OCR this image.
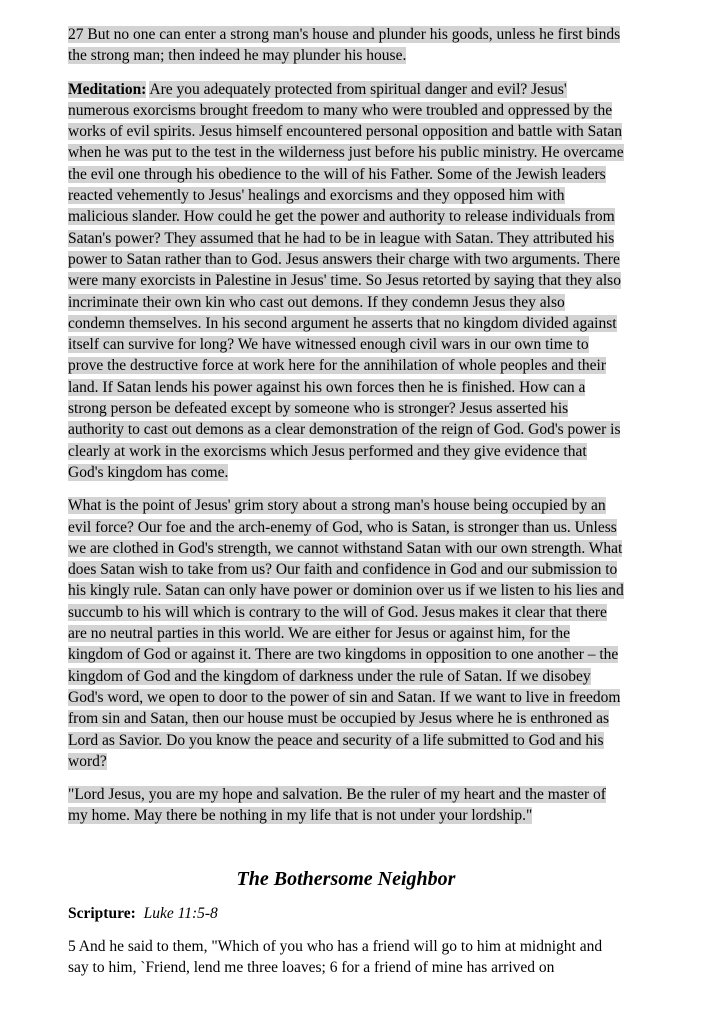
27 But no one can enter a strong man's house and plunder his goods, unless he first binds the strong man; then indeed he may plunder his house.

Meditation: Are you adequately protected from spiritual danger and evil? Jesus' numerous exorcisms brought freedom to many who were troubled and oppressed by the works of evil spirits. Jesus himself encountered personal opposition and battle with Satan when he was put to the test in the wilderness just before his public ministry. He overcame the evil one through his obedience to the will of his Father. Some of the Jewish leaders reacted vehemently to Jesus' healings and exorcisms and they opposed him with malicious slander. How could he get the power and authority to release individuals from Satan's power? They assumed that he had to be in league with Satan. They attributed his power to Satan rather than to God. Jesus answers their charge with two arguments. There were many exorcists in Palestine in Jesus' time. So Jesus retorted by saying that they also incriminate their own kin who cast out demons. If they condemn Jesus they also condemn themselves. In his second argument he asserts that no kingdom divided against itself can survive for long? We have witnessed enough civil wars in our own time to prove the destructive force at work here for the annihilation of whole peoples and their land. If Satan lends his power against his own forces then he is finished. How can a strong person be defeated except by someone who is stronger? Jesus asserted his authority to cast out demons as a clear demonstration of the reign of God. God's power is clearly at work in the exorcisms which Jesus performed and they give evidence that God's kingdom has come.

What is the point of Jesus' grim story about a strong man's house being occupied by an evil force? Our foe and the arch-enemy of God, who is Satan, is stronger than us. Unless we are clothed in God's strength, we cannot withstand Satan with our own strength. What does Satan wish to take from us? Our faith and confidence in God and our submission to his kingly rule. Satan can only have power or dominion over us if we listen to his lies and succumb to his will which is contrary to the will of God. Jesus makes it clear that there are no neutral parties in this world. We are either for Jesus or against him, for the kingdom of God or against it. There are two kingdoms in opposition to one another – the kingdom of God and the kingdom of darkness under the rule of Satan. If we disobey God's word, we open to door to the power of sin and Satan. If we want to live in freedom from sin and Satan, then our house must be occupied by Jesus where he is enthroned as Lord as Savior. Do you know the peace and security of a life submitted to God and his word?

"Lord Jesus, you are my hope and salvation. Be the ruler of my heart and the master of my home. May there be nothing in my life that is not under your lordship."

The Bothersome Neighbor

Scripture: Luke 11:5-8

5 And he said to them, "Which of you who has a friend will go to him at midnight and say to him, `Friend, lend me three loaves; 6 for a friend of mine has arrived on
